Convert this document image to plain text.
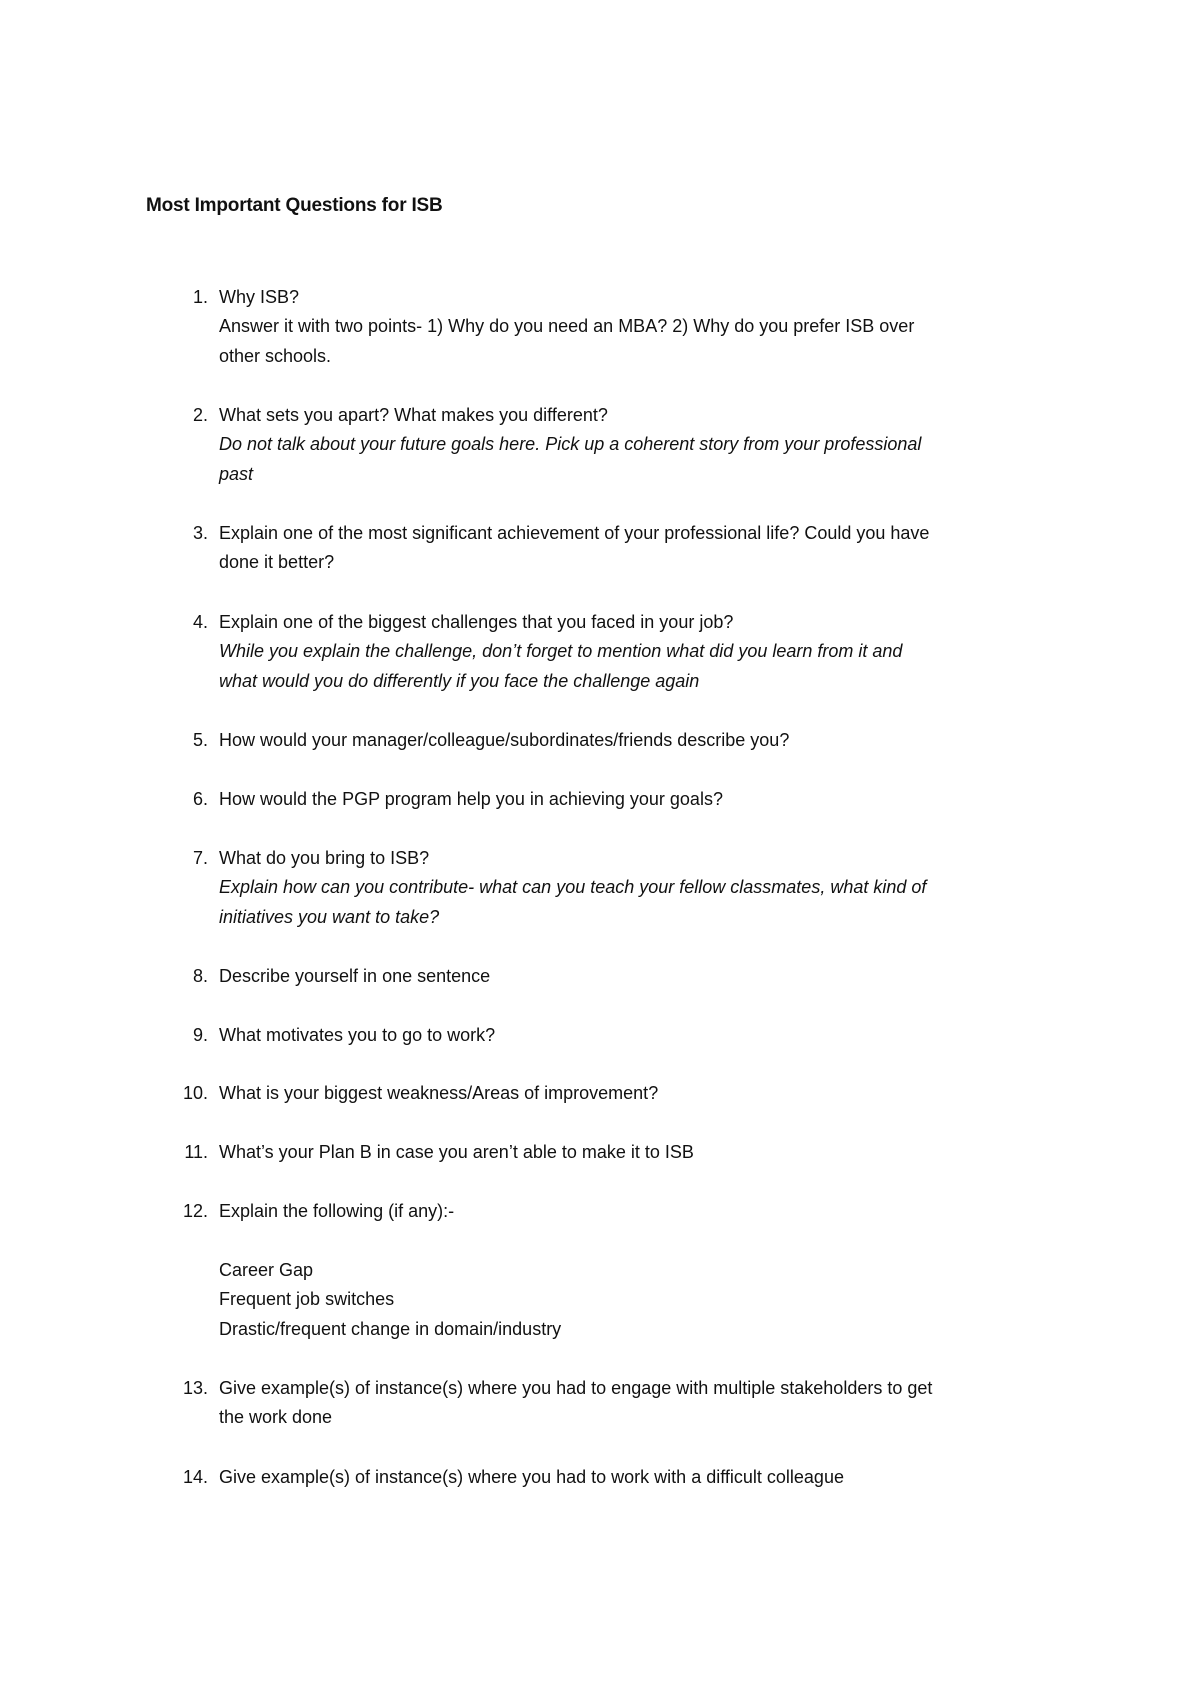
Most Important Questions for ISB
1. Why ISB?
Answer it with two points- 1) Why do you need an MBA? 2) Why do you prefer ISB over
other schools.
2. What sets you apart? What makes you different?
Do not talk about your future goals here. Pick up a coherent story from your professional
past
3. Explain one of the most significant achievement of your professional life? Could you have
done it better?
4. Explain one of the biggest challenges that you faced in your job?
While you explain the challenge, don’t forget to mention what did you learn from it and
what would you do differently if you face the challenge again
5. How would your manager/colleague/subordinates/friends describe you?
6. How would the PGP program help you in achieving your goals?
7. What do you bring to ISB?
Explain how can you contribute- what can you teach your fellow classmates, what kind of
initiatives you want to take?
8. Describe yourself in one sentence
9. What motivates you to go to work?
10. What is your biggest weakness/Areas of improvement?
11. What’s your Plan B in case you aren’t able to make it to ISB
12. Explain the following (if any):-
Career Gap
Frequent job switches
Drastic/frequent change in domain/industry
13. Give example(s) of instance(s) where you had to engage with multiple stakeholders to get
the work done
14. Give example(s) of instance(s) where you had to work with a difficult colleague
